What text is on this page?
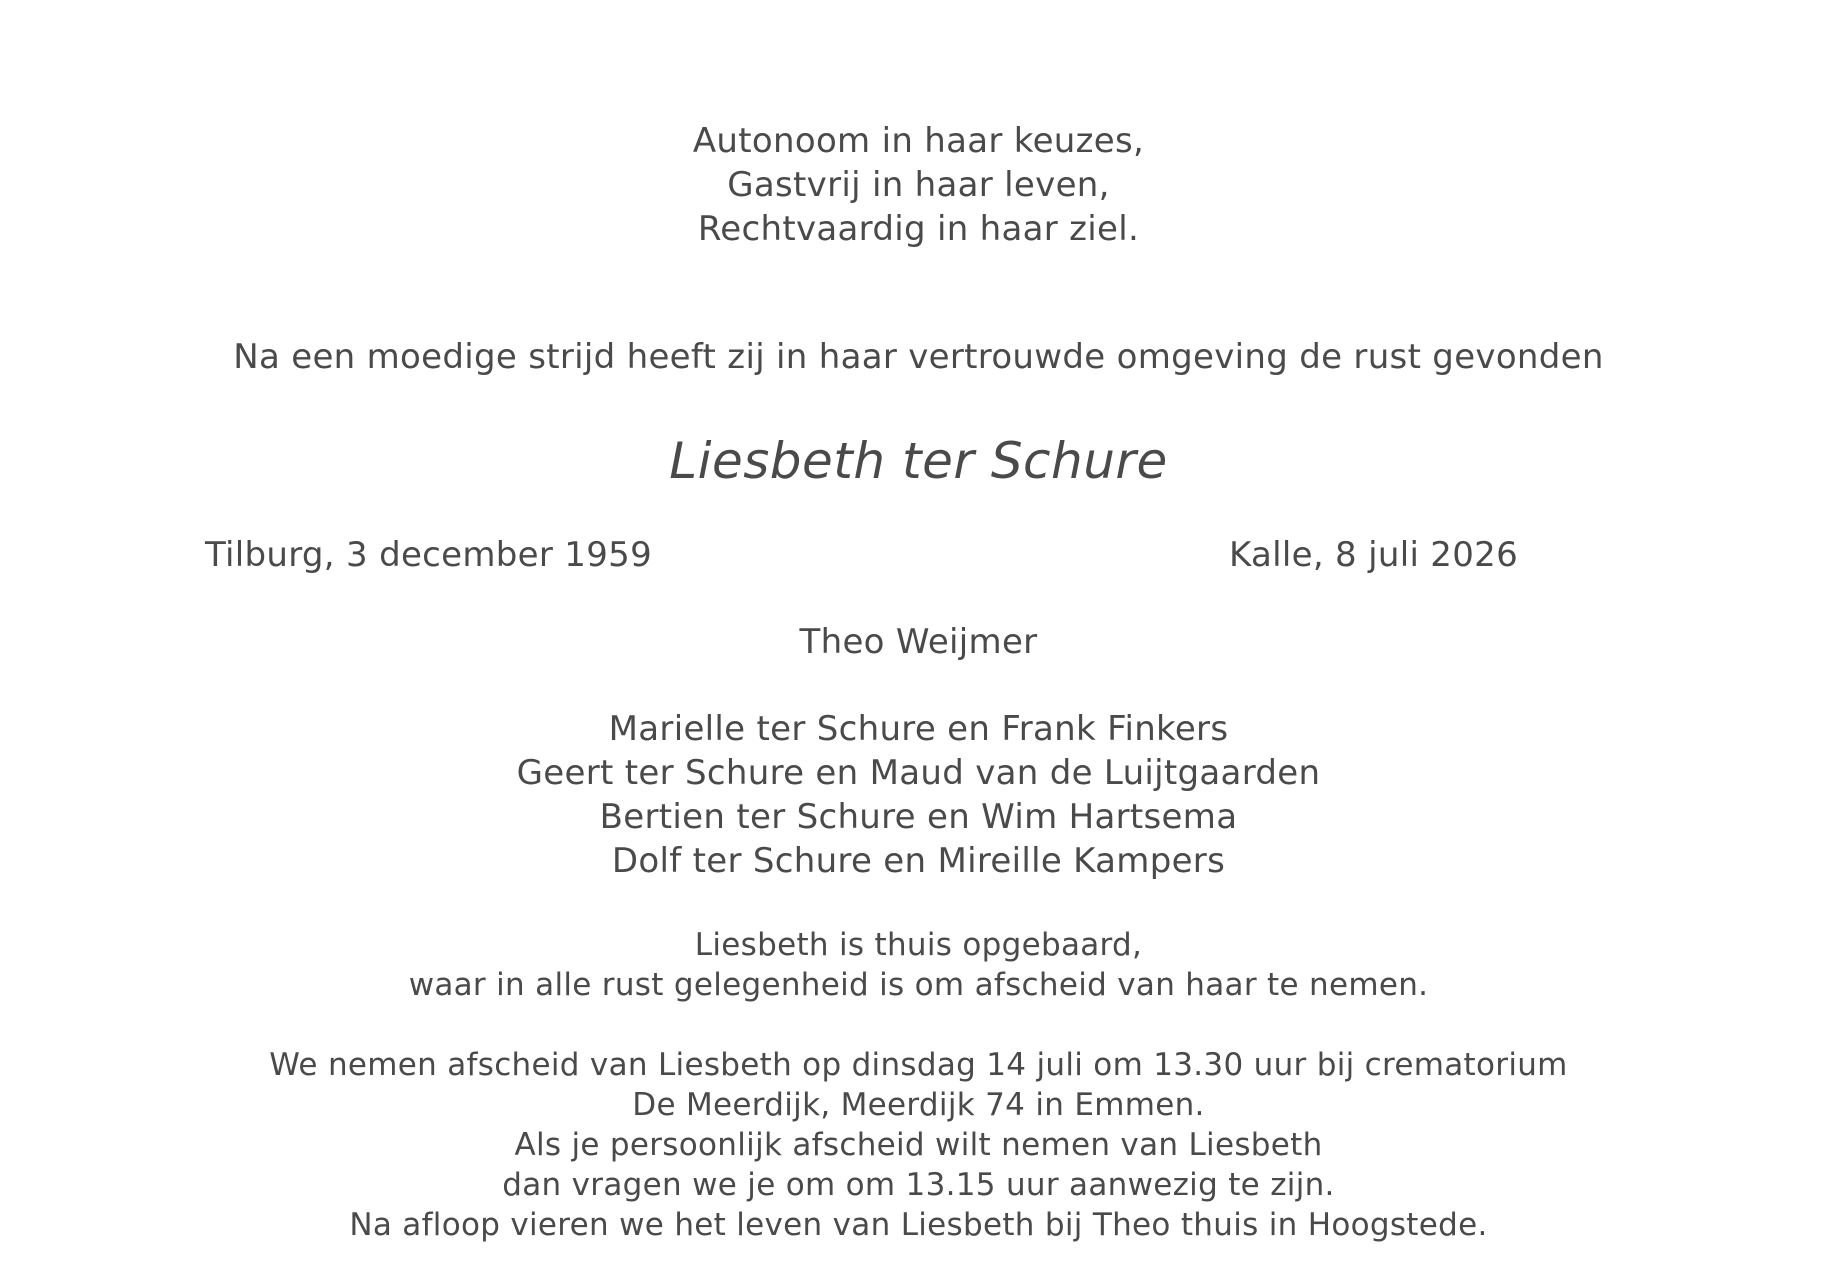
Autonoom in haar keuzes,
Gastvrij in haar leven,
Rechtvaardig in haar ziel.
Na een moedige strijd heeft zij in haar vertrouwde omgeving de rust gevonden
Liesbeth ter Schure
Tilburg, 3 december 1959	Kalle, 8 juli 2026
Theo Weijmer
Marielle ter Schure en Frank Finkers
Geert ter Schure en Maud van de Luijtgaarden
Bertien ter Schure en Wim Hartsema
Dolf ter Schure en Mireille Kampers
Liesbeth is thuis opgebaard,
waar in alle rust gelegenheid is om afscheid van haar te nemen.
We nemen afscheid van Liesbeth op dinsdag 14 juli om 13.30 uur bij crematorium
De Meerdijk, Meerdijk 74 in Emmen.
Als je persoonlijk afscheid wilt nemen van Liesbeth
dan vragen we je om om 13.15 uur aanwezig te zijn.
Na afloop vieren we het leven van Liesbeth bij Theo thuis in Hoogstede.
